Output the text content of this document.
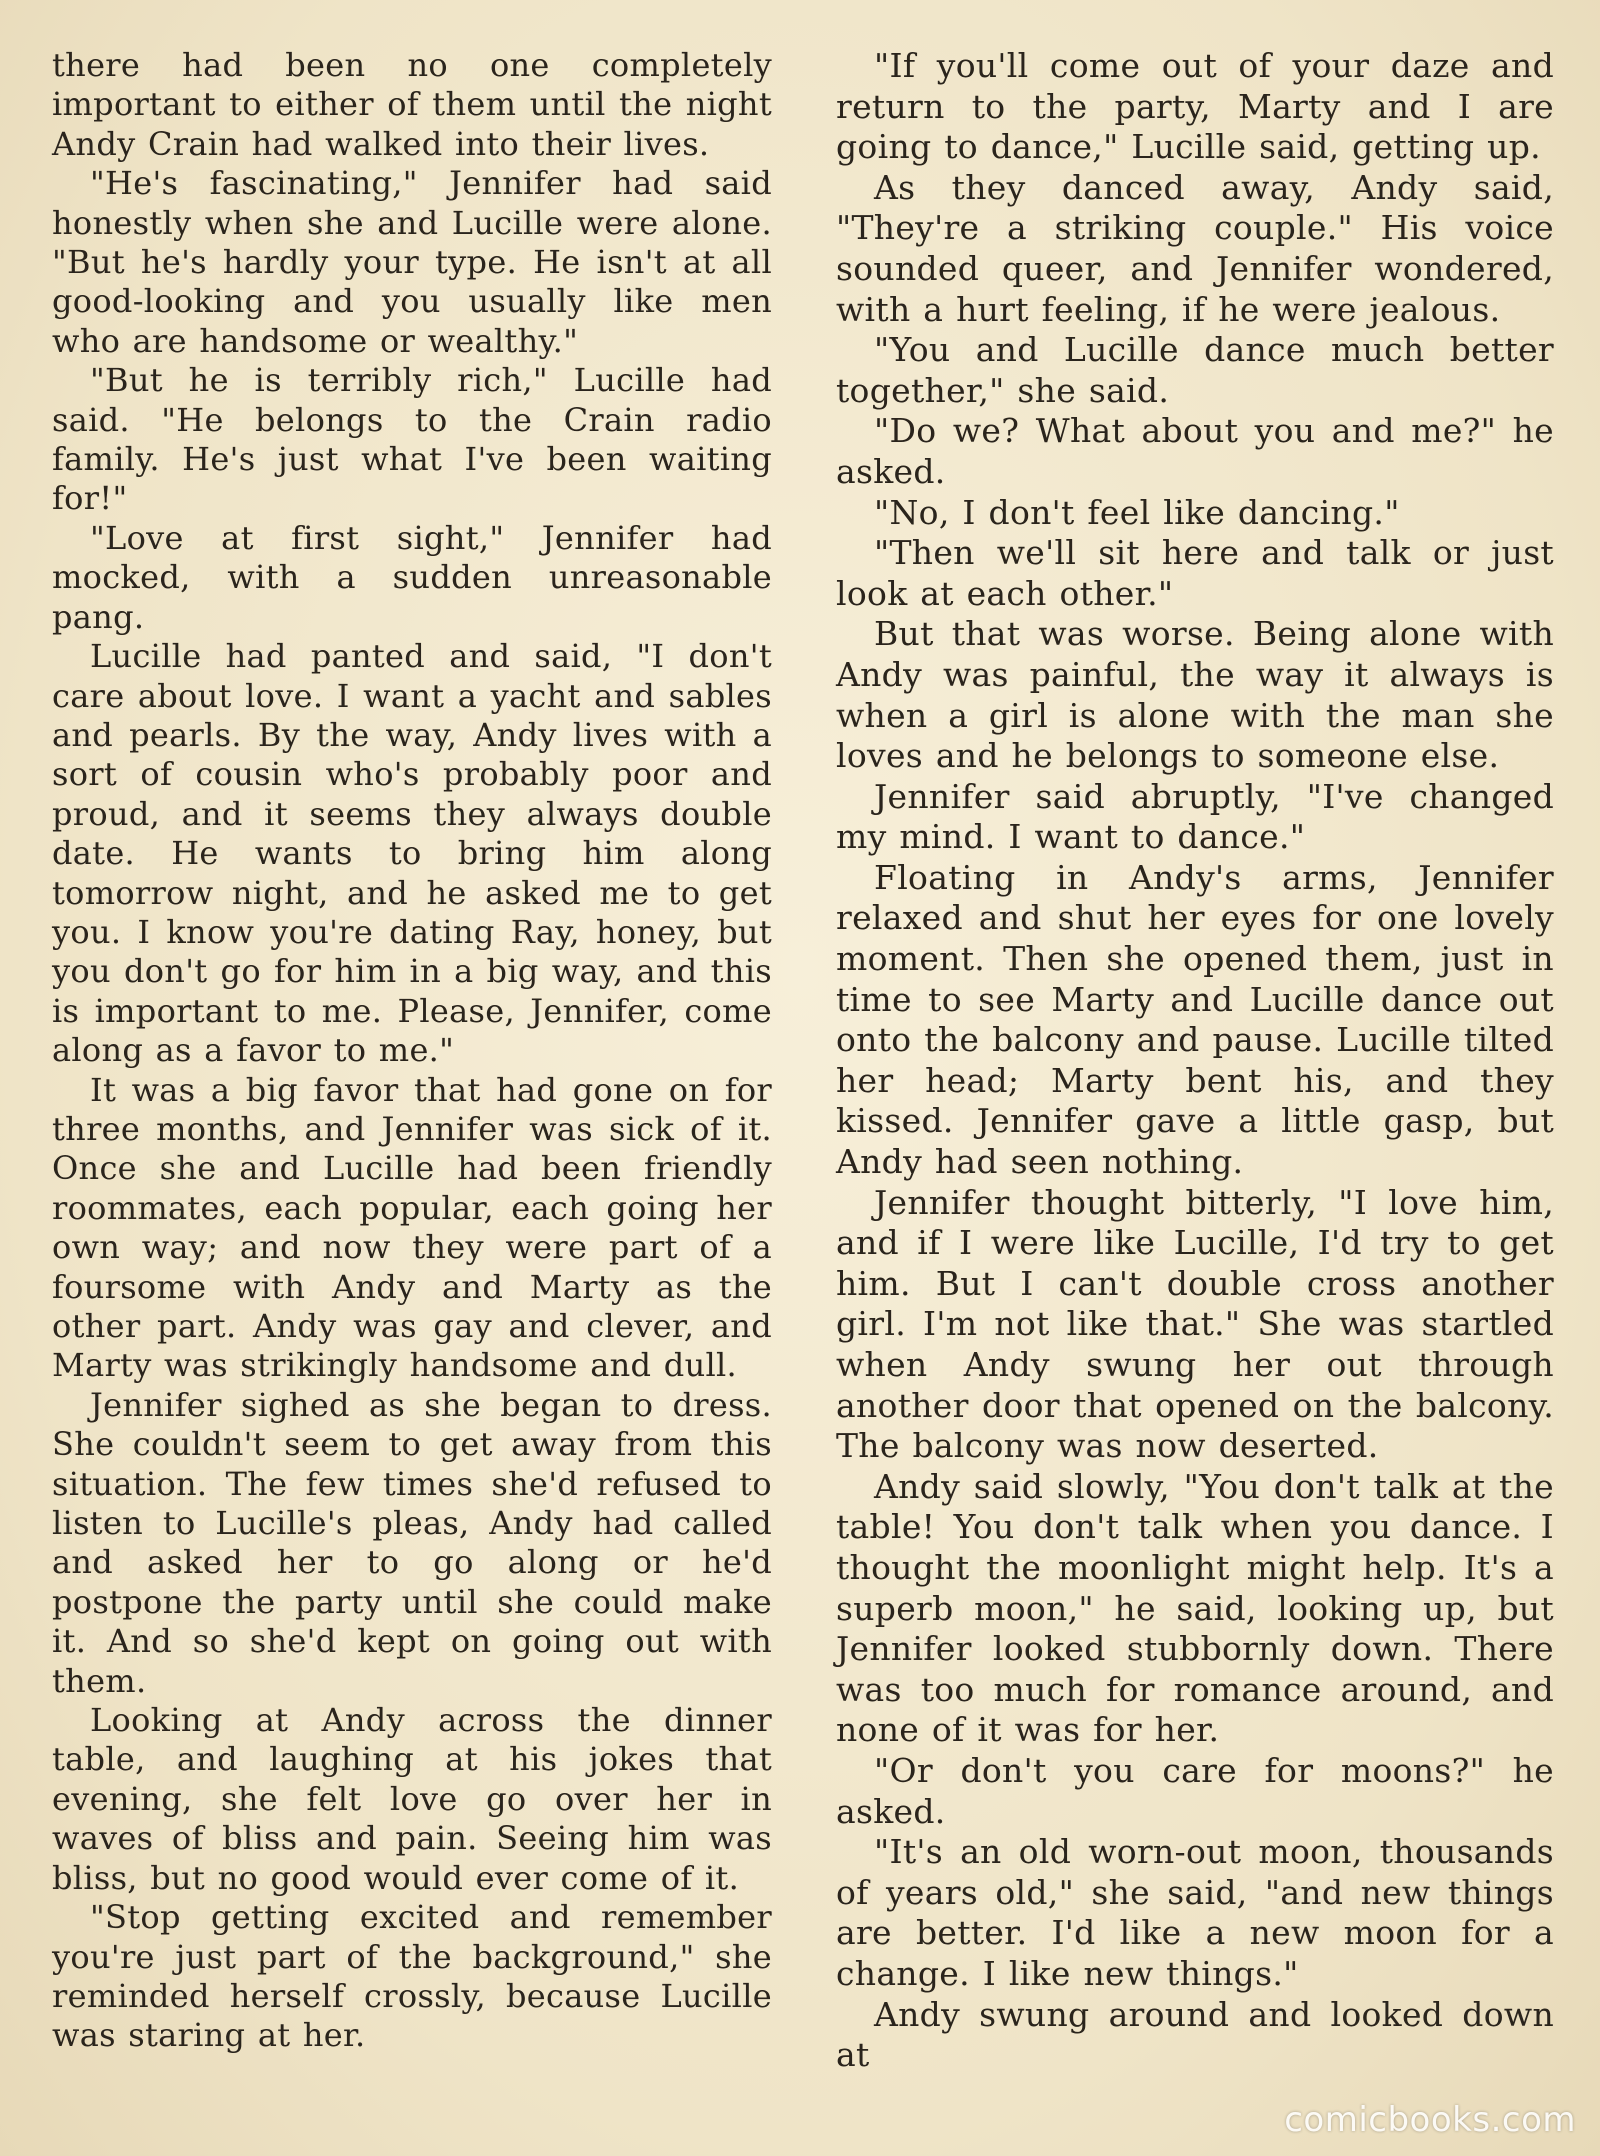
there had been no one completely important to either of them until the night Andy Crain had walked into their lives.

"He's fascinating," Jennifer had said honestly when she and Lucille were alone. "But he's hardly your type. He isn't at all good-looking and you usually like men who are handsome or wealthy."

"But he is terribly rich," Lucille had said. "He belongs to the Crain radio family. He's just what I've been waiting for!"

"Love at first sight," Jennifer had mocked, with a sudden unreasonable pang.

Lucille had panted and said, "I don't care about love. I want a yacht and sables and pearls. By the way, Andy lives with a sort of cousin who's probably poor and proud, and it seems they always double date. He wants to bring him along tomorrow night, and he asked me to get you. I know you're dating Ray, honey, but you don't go for him in a big way, and this is important to me. Please, Jennifer, come along as a favor to me."

It was a big favor that had gone on for three months, and Jennifer was sick of it. Once she and Lucille had been friendly roommates, each popular, each going her own way; and now they were part of a foursome with Andy and Marty as the other part. Andy was gay and clever, and Marty was strikingly handsome and dull.

Jennifer sighed as she began to dress. She couldn't seem to get away from this situation. The few times she'd refused to listen to Lucille's pleas, Andy had called and asked her to go along or he'd postpone the party until she could make it. And so she'd kept on going out with them.

Looking at Andy across the dinner table, and laughing at his jokes that evening, she felt love go over her in waves of bliss and pain. Seeing him was bliss, but no good would ever come of it.

"Stop getting excited and remember you're just part of the background," she reminded herself crossly, because Lucille was staring at her.

"If you'll come out of your daze and return to the party, Marty and I are going to dance," Lucille said, getting up.

As they danced away, Andy said, "They're a striking couple." His voice sounded queer, and Jennifer wondered, with a hurt feeling, if he were jealous.

"You and Lucille dance much better together," she said.

"Do we? What about you and me?" he asked.

"No, I don't feel like dancing."

"Then we'll sit here and talk or just look at each other."

But that was worse. Being alone with Andy was painful, the way it always is when a girl is alone with the man she loves and he belongs to someone else.

Jennifer said abruptly, "I've changed my mind. I want to dance."

Floating in Andy's arms, Jennifer relaxed and shut her eyes for one lovely moment. Then she opened them, just in time to see Marty and Lucille dance out onto the balcony and pause. Lucille tilted her head; Marty bent his, and they kissed. Jennifer gave a little gasp, but Andy had seen nothing.

Jennifer thought bitterly, "I love him, and if I were like Lucille, I'd try to get him. But I can't double cross another girl. I'm not like that." She was startled when Andy swung her out through another door that opened on the balcony. The balcony was now deserted.

Andy said slowly, "You don't talk at the table! You don't talk when you dance. I thought the moonlight might help. It's a superb moon," he said, looking up, but Jennifer looked stubbornly down. There was too much for romance around, and none of it was for her.

"Or don't you care for moons?" he asked.

"It's an old worn-out moon, thousands of years old," she said, "and new things are better. I'd like a new moon for a change. I like new things."

Andy swung around and looked down at

comicbooks.com
